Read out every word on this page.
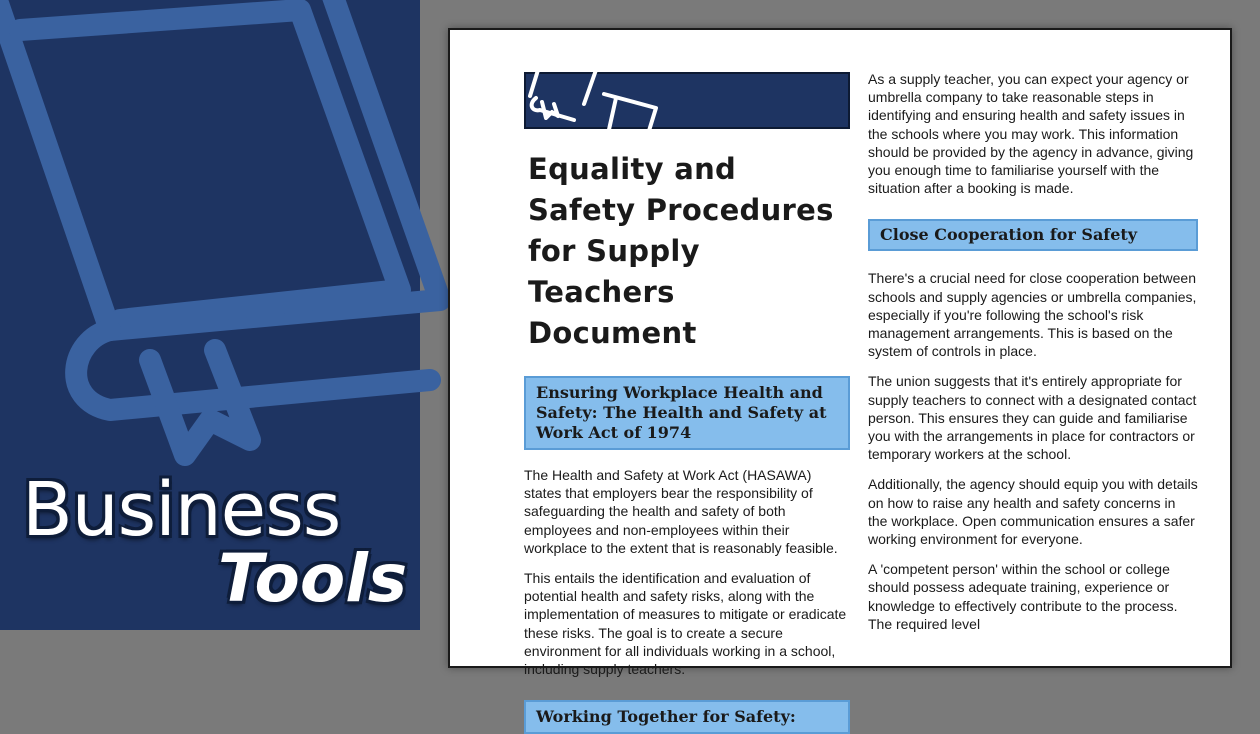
Business
Tools
Equality and Safety Procedures for Supply Teachers Document
Ensuring Workplace Health and Safety: The Health and Safety at Work Act of 1974

The Health and Safety at Work Act (HASAWA) states that employers bear the responsibility of safeguarding the health and safety of both employees and non-employees within their workplace to the extent that is reasonably feasible.

This entails the identification and evaluation of potential health and safety risks, along with the implementation of measures to mitigate or eradicate these risks. The goal is to create a secure environment for all individuals working in a school, including supply teachers.

Working Together for Safety:

As a supply teacher, you can expect your agency or umbrella company to take reasonable steps in identifying and ensuring health and safety issues in the schools where you may work. This information should be provided by the agency in advance, giving you enough time to familiarise yourself with the situation after a booking is made.

Close Cooperation for Safety

There's a crucial need for close cooperation between schools and supply agencies or umbrella companies, especially if you're following the school's risk management arrangements. This is based on the system of controls in place.

The union suggests that it's entirely appropriate for supply teachers to connect with a designated contact person. This ensures they can guide and familiarise you with the arrangements in place for contractors or temporary workers at the school.

Additionally, the agency should equip you with details on how to raise any health and safety concerns in the workplace. Open communication ensures a safer working environment for everyone.

A 'competent person' within the school or college should possess adequate training, experience or knowledge to effectively contribute to the process. The required level
